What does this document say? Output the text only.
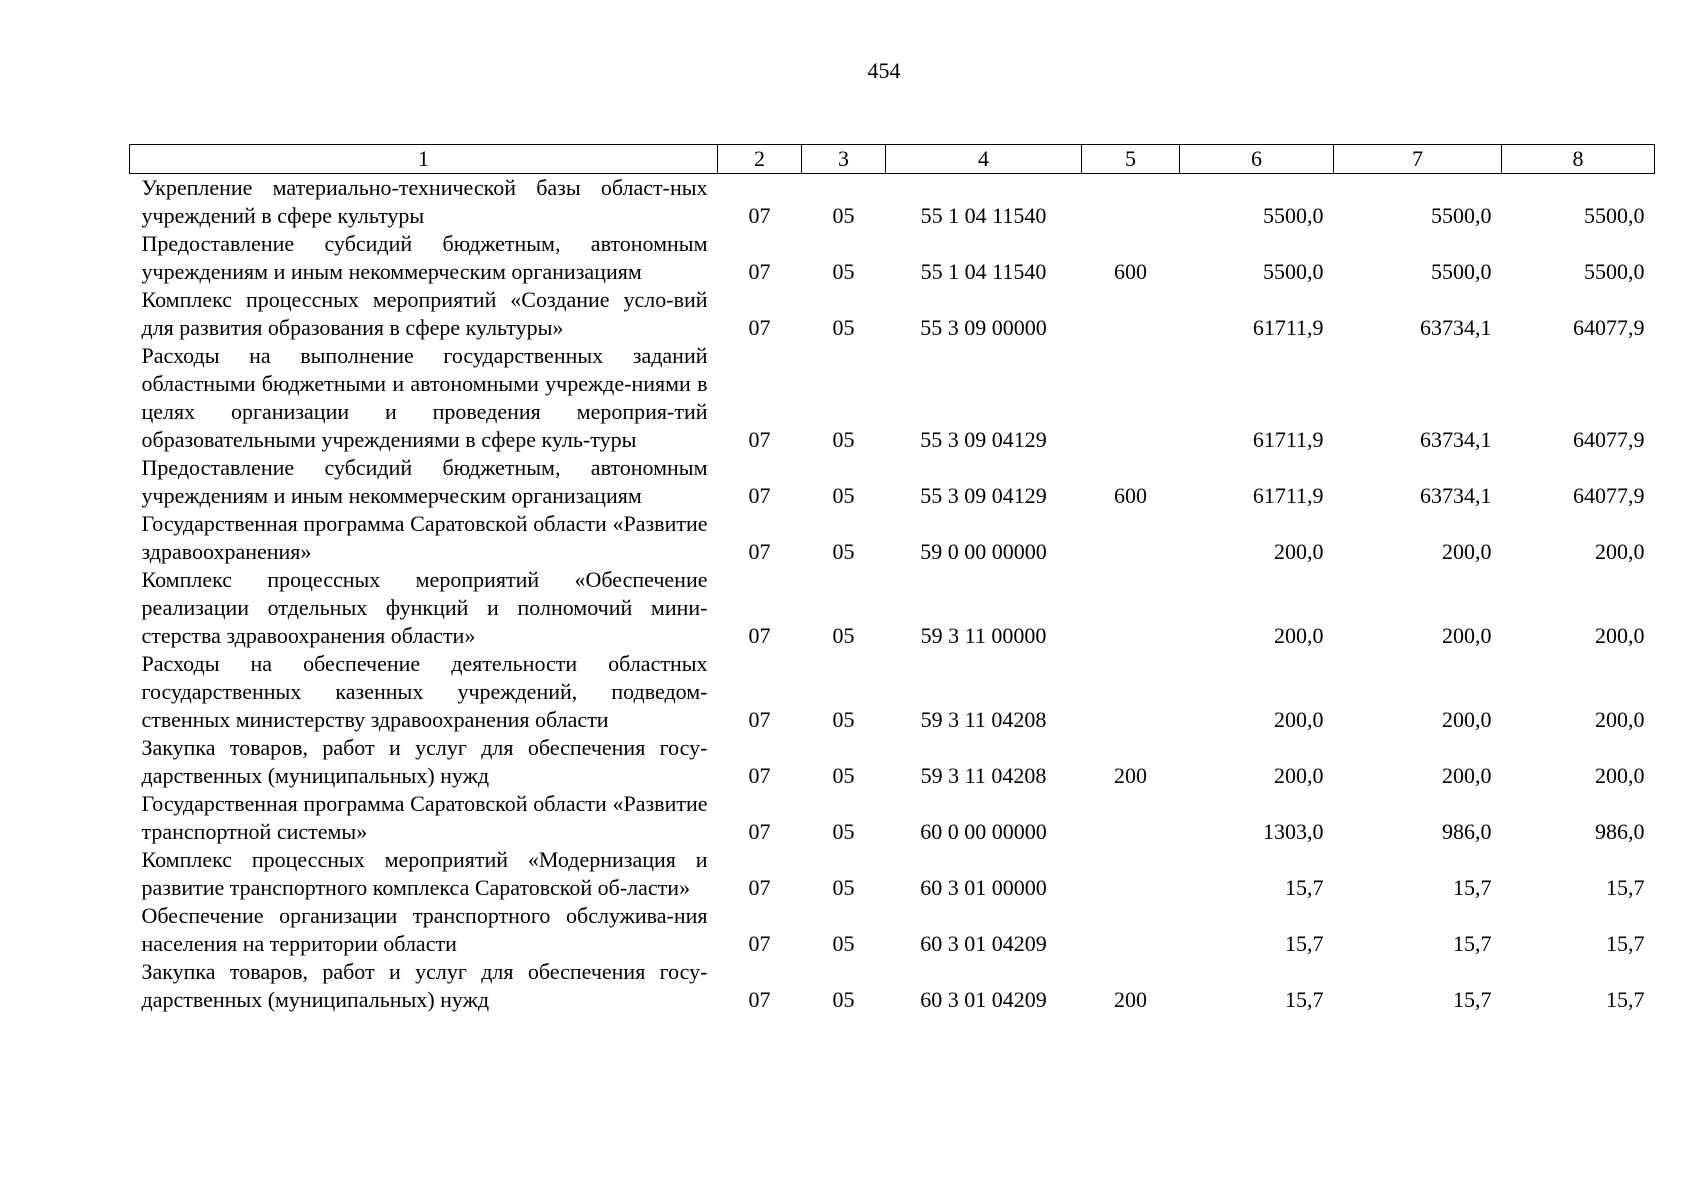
454
1	2	3	4	5	6	7	8
Укрепление материально-технической базы област-ных учреждений в сфере культуры	07	05	55 1 04 11540		5500,0	5500,0	5500,0
Предоставление субсидий бюджетным, автономным учреждениям и иным некоммерческим организациям	07	05	55 1 04 11540	600	5500,0	5500,0	5500,0
Комплекс процессных мероприятий «Создание усло-вий для развития образования в сфере культуры»	07	05	55 3 09 00000		61711,9	63734,1	64077,9
Расходы на выполнение государственных заданий областными бюджетными и автономными учрежде-ниями в целях организации и проведения мероприя-тий образовательными учреждениями в сфере куль-туры	07	05	55 3 09 04129		61711,9	63734,1	64077,9
Предоставление субсидий бюджетным, автономным учреждениям и иным некоммерческим организациям	07	05	55 3 09 04129	600	61711,9	63734,1	64077,9
Государственная программа Саратовской области «Развитие здравоохранения»	07	05	59 0 00 00000		200,0	200,0	200,0
Комплекс процессных мероприятий «Обеспечение реализации отдельных функций и полномочий мини-стерства здравоохранения области»	07	05	59 3 11 00000		200,0	200,0	200,0
Расходы на обеспечение деятельности областных государственных казенных учреждений, подведом-ственных министерству здравоохранения области	07	05	59 3 11 04208		200,0	200,0	200,0
Закупка товаров, работ и услуг для обеспечения госу-дарственных (муниципальных) нужд	07	05	59 3 11 04208	200	200,0	200,0	200,0
Государственная программа Саратовской области «Развитие транспортной системы»	07	05	60 0 00 00000		1303,0	986,0	986,0
Комплекс процессных мероприятий «Модернизация и развитие транспортного комплекса Саратовской об-ласти»	07	05	60 3 01 00000		15,7	15,7	15,7
Обеспечение организации транспортного обслужива-ния населения на территории области	07	05	60 3 01 04209		15,7	15,7	15,7
Закупка товаров, работ и услуг для обеспечения госу-дарственных (муниципальных) нужд	07	05	60 3 01 04209	200	15,7	15,7	15,7
